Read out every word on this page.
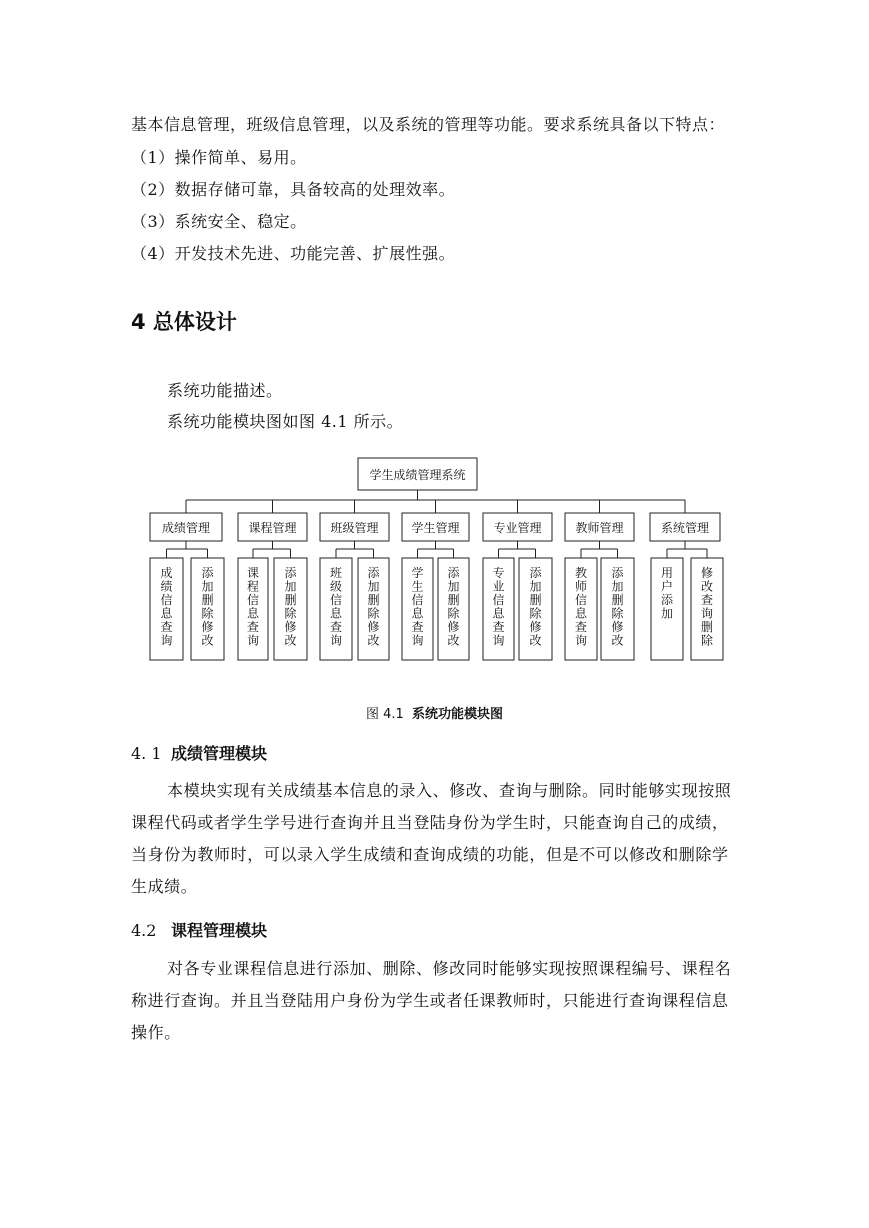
基本信息管理，班级信息管理，以及系统的管理等功能。要求系统具备以下特点：
（1）操作简单、易用。
（2）数据存储可靠，具备较高的处理效率。
（3）系统安全、稳定。
（4）开发技术先进、功能完善、扩展性强。
4 总体设计
系统功能描述。
系统功能模块图如图 4.1 所示。
学生成绩管理系统
成绩管理
成
绩
信
息
查
询
添
加
删
除
修
改
课程管理
课
程
信
息
查
询
添
加
删
除
修
改
班级管理
班
级
信
息
查
询
添
加
删
除
修
改
学生管理
学
生
信
息
查
询
添
加
删
除
修
改
专业管理
专
业
信
息
查
询
添
加
删
除
修
改
教师管理
教
师
信
息
查
询
添
加
删
除
修
改
系统管理
用
户
添
加
修
改
查
询
删
除
图 4.1 系统功能模块图
4. 1 成绩管理模块
本模块实现有关成绩基本信息的录入、修改、查询与删除。同时能够实现按照课程代码或者学生学号进行查询并且当登陆身份为学生时，只能查询自己的成绩，当身份为教师时，可以录入学生成绩和查询成绩的功能，但是不可以修改和删除学生成绩。
4.2 课程管理模块
对各专业课程信息进行添加、删除、修改同时能够实现按照课程编号、课程名称进行查询。并且当登陆用户身份为学生或者任课教师时，只能进行查询课程信息操作。
